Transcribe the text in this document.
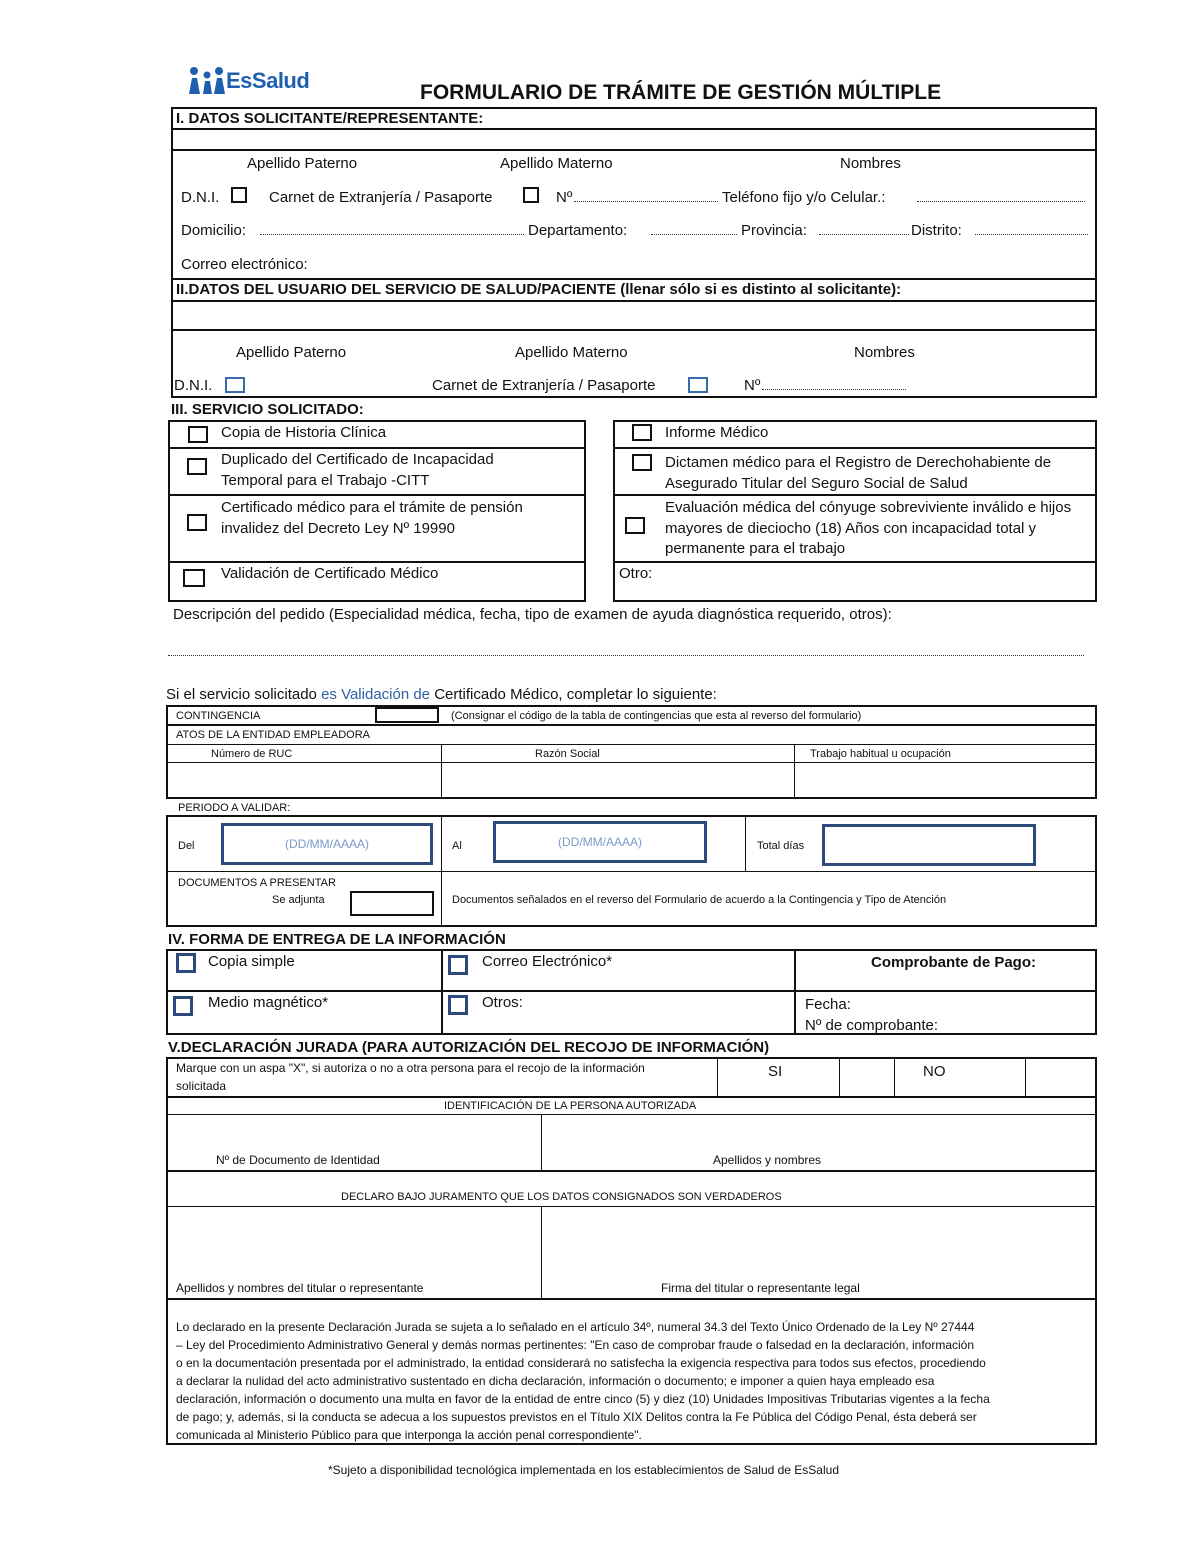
EsSalud	FORMULARIO DE TRÁMITE DE GESTIÓN MÚLTIPLE
I. DATOS SOLICITANTE/REPRESENTANTE:
Apellido Paterno	Apellido Materno	Nombres
D.N.I.	Carnet de Extranjería / Pasaporte	Nº	Teléfono fijo y/o Celular.:
Domicilio:	Departamento:	Provincia:	Distrito:
Correo electrónico:
II.DATOS DEL USUARIO DEL SERVICIO DE SALUD/PACIENTE (llenar sólo si es distinto al solicitante):
Apellido Paterno	Apellido Materno	Nombres
D.N.I.	Carnet de Extranjería / Pasaporte	Nº
III. SERVICIO SOLICITADO:
Copia de Historia Clínica
Duplicado del Certificado de Incapacidad
Temporal para el Trabajo -CITT
Certificado médico para el trámite de pensión
invalidez del Decreto Ley Nº 19990
Validación de Certificado Médico
Informe Médico
Dictamen médico para el Registro de Derechohabiente de
Asegurado Titular del Seguro Social de Salud
Evaluación médica del cónyuge sobreviviente inválido e hijos
mayores de dieciocho (18) Años con incapacidad total y
permanente para el trabajo
Otro:
Descripción del pedido (Especialidad médica, fecha, tipo de examen de ayuda diagnóstica requerido, otros):
Si el servicio solicitado es Validación de Certificado Médico, completar lo siguiente:
CONTINGENCIA	(Consignar el código de la tabla de contingencias que esta al reverso del formulario)
ATOS DE LA ENTIDAD EMPLEADORA
Número de RUC	Razón Social	Trabajo habitual u ocupación
PERIODO A VALIDAR:
Del	(DD/MM/AAAA)	Al	(DD/MM/AAAA)	Total días
DOCUMENTOS A PRESENTAR
Se adjunta	Documentos señalados en el reverso del Formulario de acuerdo a la Contingencia y Tipo de Atención
IV. FORMA DE ENTREGA DE LA INFORMACIÓN
Copia simple	Correo Electrónico*	Comprobante de Pago:
Medio magnético*	Otros:	Fecha:
Nº de comprobante:
V.DECLARACIÓN JURADA (PARA AUTORIZACIÓN DEL RECOJO DE INFORMACIÓN)
Marque con un aspa "X", si autoriza o no a otra persona para el recojo de la información
solicitada
SI	NO
IDENTIFICACIÓN DE LA PERSONA AUTORIZADA
Nº de Documento de Identidad	Apellidos y nombres
DECLARO BAJO JURAMENTO QUE LOS DATOS CONSIGNADOS SON VERDADEROS
Apellidos y nombres del titular o representante	Firma del titular o representante legal
Lo declarado en la presente Declaración Jurada se sujeta a lo señalado en el artículo 34º, numeral 34.3 del Texto Único Ordenado de la Ley Nº 27444
– Ley del Procedimiento Administrativo General y demás normas pertinentes: "En caso de comprobar fraude o falsedad en la declaración, información
o en la documentación presentada por el administrado, la entidad considerará no satisfecha la exigencia respectiva para todos sus efectos, procediendo
a declarar la nulidad del acto administrativo sustentado en dicha declaración, información o documento; e imponer a quien haya empleado esa
declaración, información o documento una multa en favor de la entidad de entre cinco (5) y diez (10) Unidades Impositivas Tributarias vigentes a la fecha
de pago; y, además, si la conducta se adecua a los supuestos previstos en el Título XIX Delitos contra la Fe Pública del Código Penal, ésta deberá ser
comunicada al Ministerio Público para que interponga la acción penal correspondiente".
*Sujeto a disponibilidad tecnológica implementada en los establecimientos de Salud de EsSalud
